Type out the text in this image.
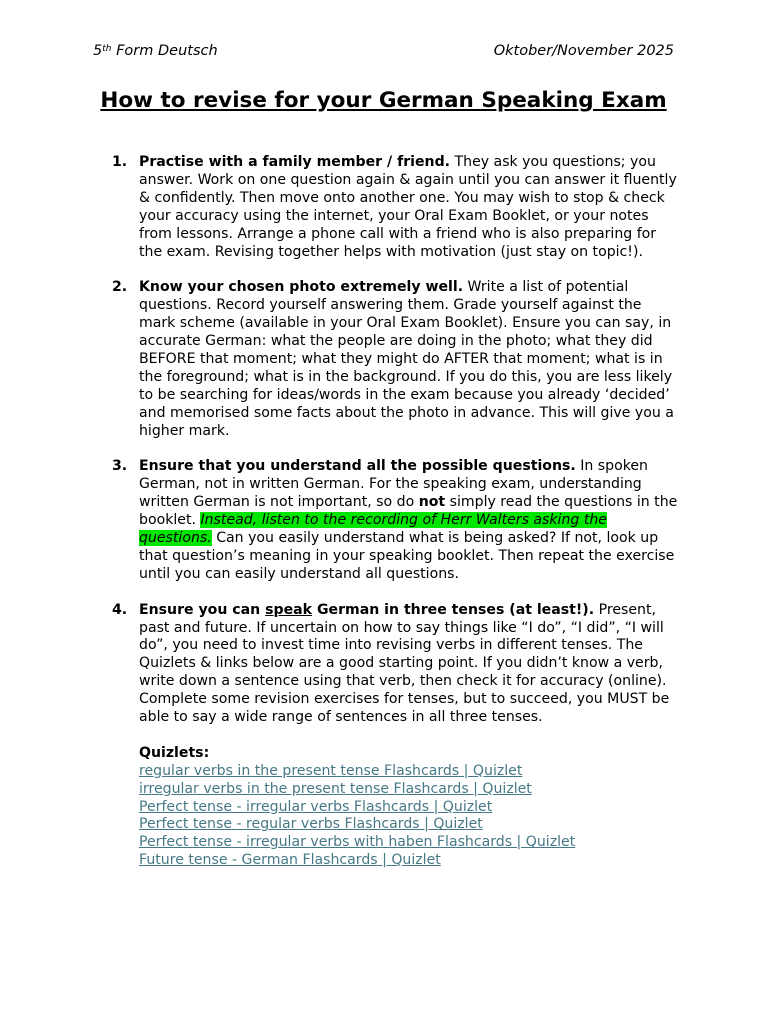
5th Form Deutsch	Oktober/November 2025
How to revise for your German Speaking Exam
1. Practise with a family member / friend. They ask you questions; you answer. Work on one question again & again until you can answer it fluently & confidently. Then move onto another one. You may wish to stop & check your accuracy using the internet, your Oral Exam Booklet, or your notes from lessons. Arrange a phone call with a friend who is also preparing for the exam. Revising together helps with motivation (just stay on topic!).
2. Know your chosen photo extremely well. Write a list of potential questions. Record yourself answering them. Grade yourself against the mark scheme (available in your Oral Exam Booklet). Ensure you can say, in accurate German: what the people are doing in the photo; what they did BEFORE that moment; what they might do AFTER that moment; what is in the foreground; what is in the background. If you do this, you are less likely to be searching for ideas/words in the exam because you already ‘decided’ and memorised some facts about the photo in advance. This will give you a higher mark.
3. Ensure that you understand all the possible questions. In spoken German, not in written German. For the speaking exam, understanding written German is not important, so do not simply read the questions in the booklet. Instead, listen to the recording of Herr Walters asking the questions. Can you easily understand what is being asked? If not, look up that question’s meaning in your speaking booklet. Then repeat the exercise until you can easily understand all questions.
4. Ensure you can speak German in three tenses (at least!). Present, past and future. If uncertain on how to say things like “I do”, “I did”, “I will do”, you need to invest time into revising verbs in different tenses. The Quizlets & links below are a good starting point. If you didn’t know a verb, write down a sentence using that verb, then check it for accuracy (online). Complete some revision exercises for tenses, but to succeed, you MUST be able to say a wide range of sentences in all three tenses.
Quizlets:
regular verbs in the present tense Flashcards | Quizlet
irregular verbs in the present tense Flashcards | Quizlet
Perfect tense - irregular verbs Flashcards | Quizlet
Perfect tense - regular verbs Flashcards | Quizlet
Perfect tense - irregular verbs with haben Flashcards | Quizlet
Future tense - German Flashcards | Quizlet
